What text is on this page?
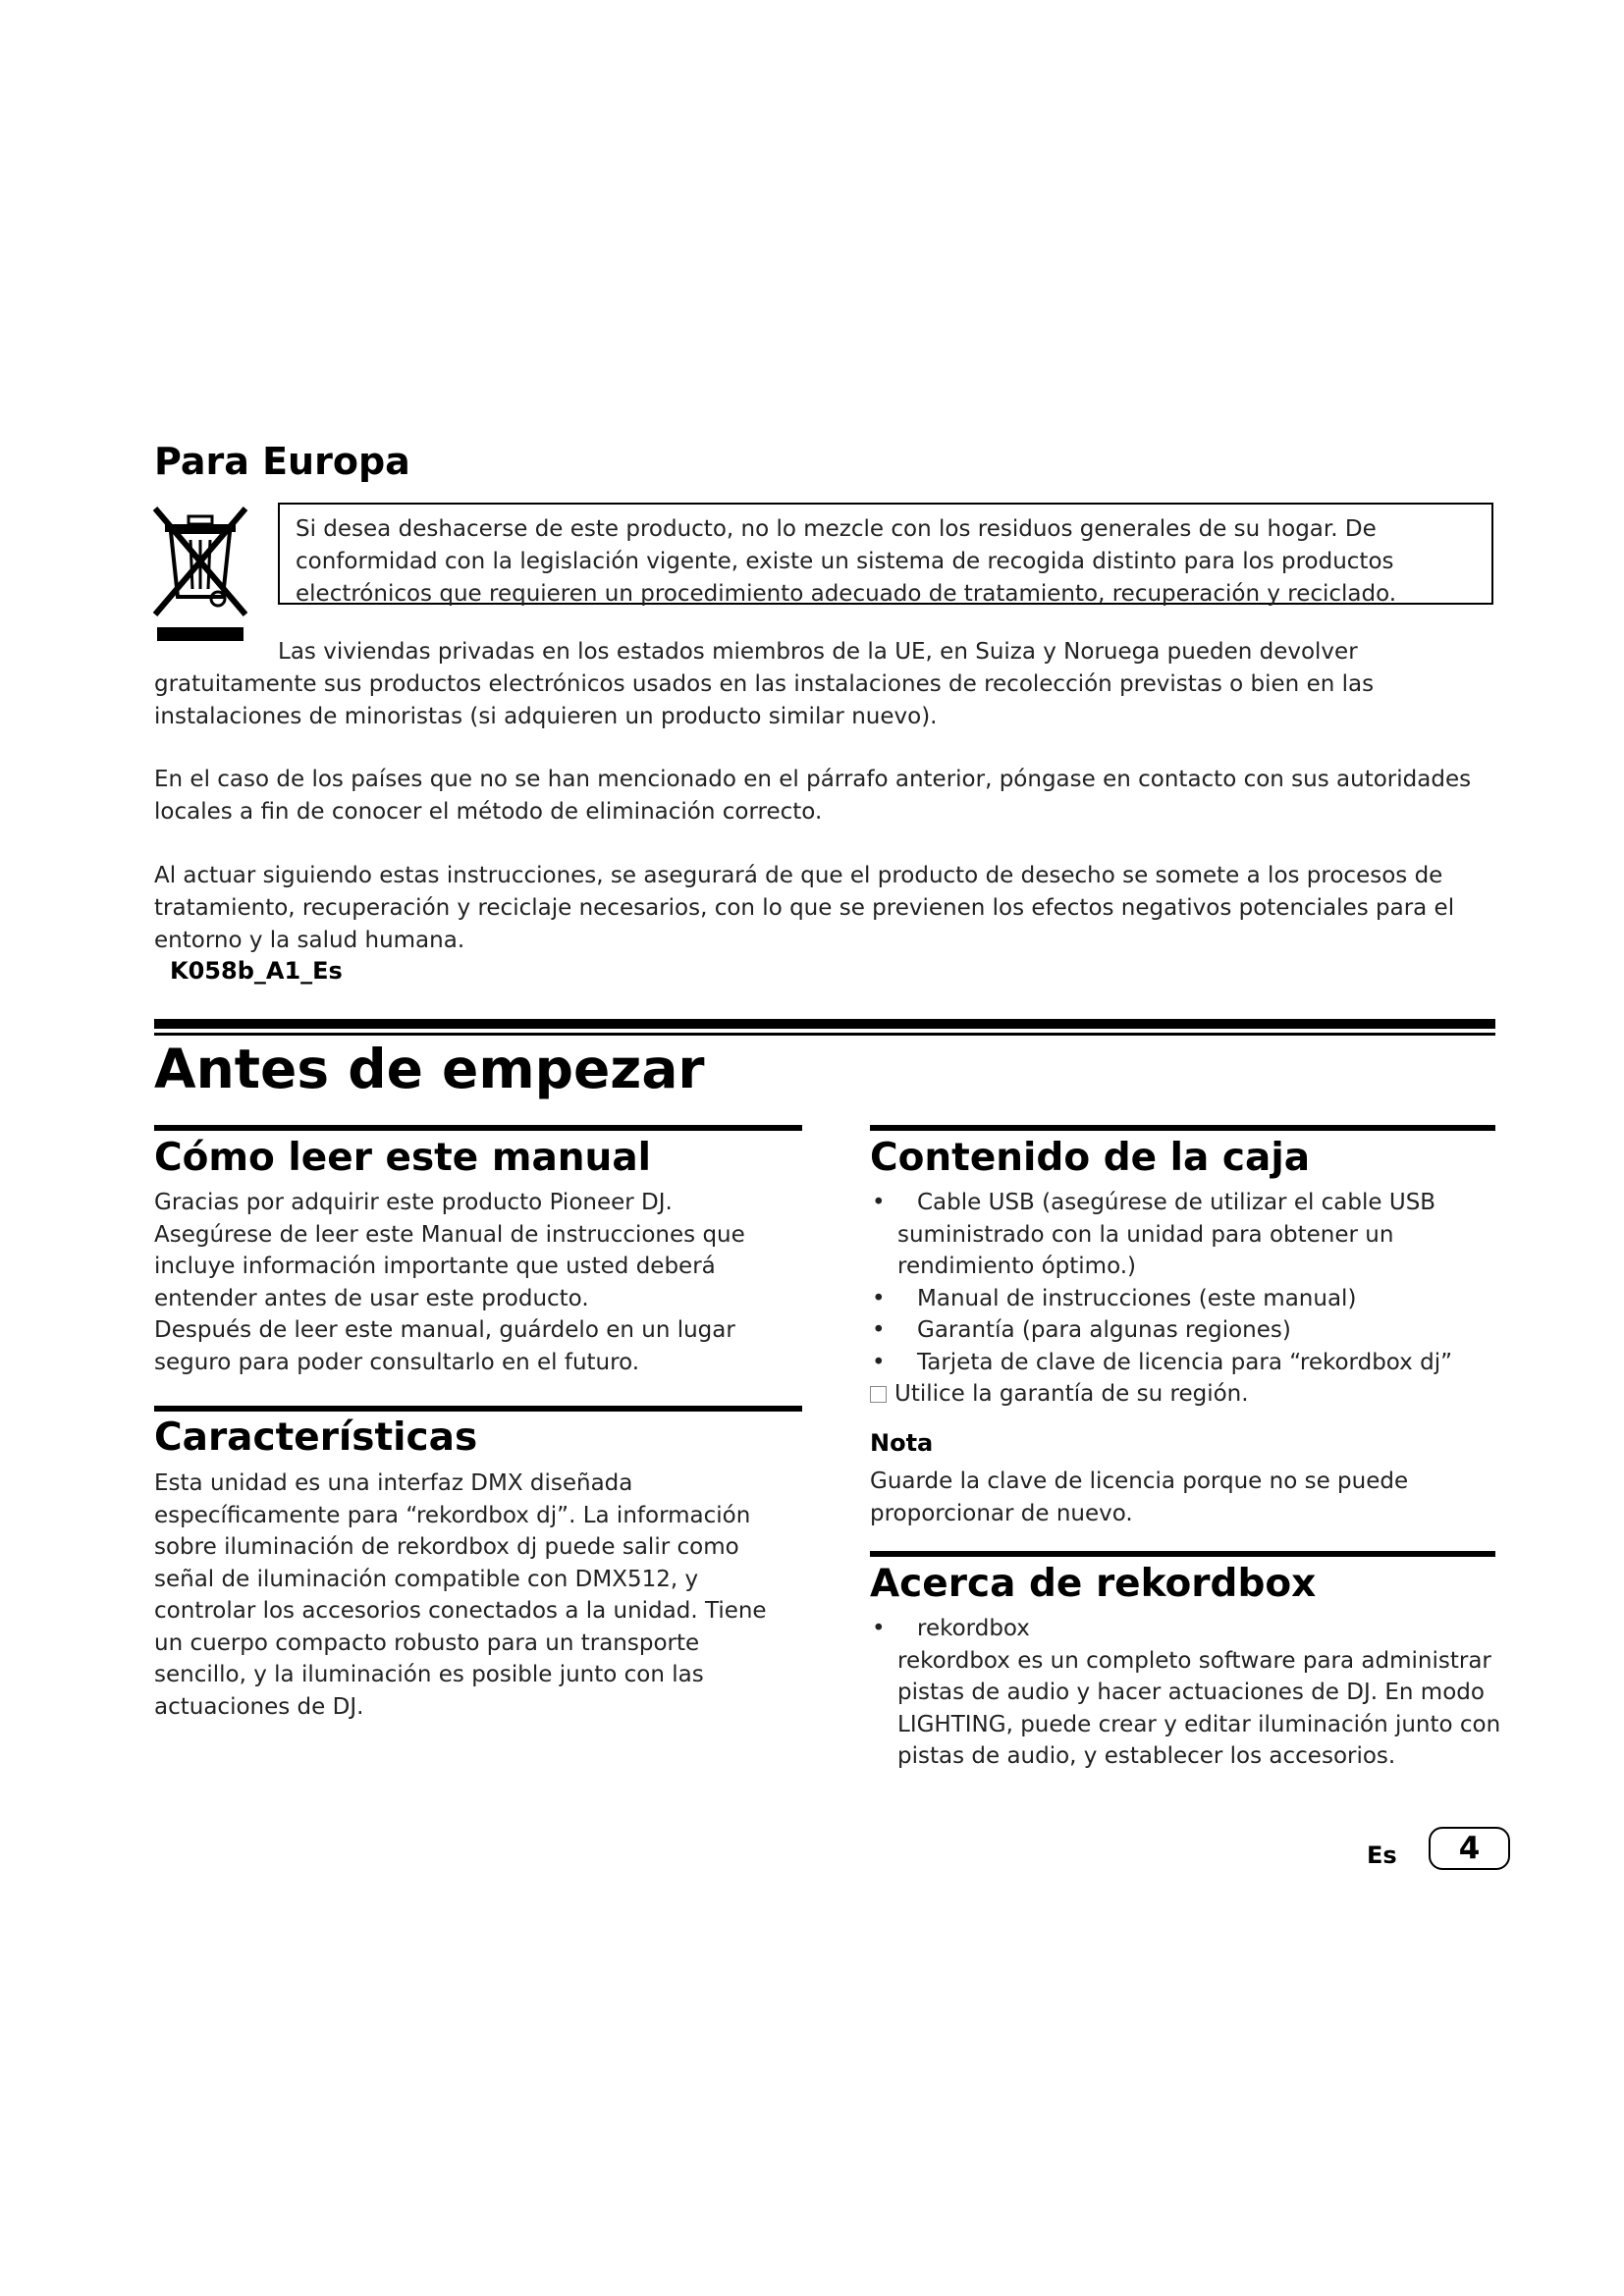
Para Europa
Si desea deshacerse de este producto, no lo mezcle con los residuos generales de su hogar. De conformidad con la legislación vigente, existe un sistema de recogida distinto para los productos electrónicos que requieren un procedimiento adecuado de tratamiento, recuperación y reciclado.
Las viviendas privadas en los estados miembros de la UE, en Suiza y Noruega pueden devolver gratuitamente sus productos electrónicos usados en las instalaciones de recolección previstas o bien en las instalaciones de minoristas (si adquieren un producto similar nuevo).
En el caso de los países que no se han mencionado en el párrafo anterior, póngase en contacto con sus autoridades locales a fin de conocer el método de eliminación correcto.
Al actuar siguiendo estas instrucciones, se asegurará de que el producto de desecho se somete a los procesos de tratamiento, recuperación y reciclaje necesarios, con lo que se previenen los efectos negativos potenciales para el entorno y la salud humana.
K058b_A1_Es
Antes de empezar
Cómo leer este manual

Gracias por adquirir este producto Pioneer DJ.

Asegúrese de leer este Manual de instrucciones que incluye información importante que usted deberá entender antes de usar este producto.

Después de leer este manual, guárdelo en un lugar seguro para poder consultarlo en el futuro.

Características
Esta unidad es una interfaz DMX diseñada específicamente para “rekordbox dj”. La información sobre iluminación de rekordbox dj puede salir como señal de iluminación compatible con DMX512, y controlar los accesorios conectados a la unidad. Tiene un cuerpo compacto robusto para un transporte sencillo, y la iluminación es posible junto con las actuaciones de DJ.
Contenido de la caja
• Cable USB (asegúrese de utilizar el cable USB suministrado con la unidad para obtener un rendimiento óptimo.)
• Manual de instrucciones (este manual)
• Garantía (para algunas regiones)
• Tarjeta de clave de licencia para “rekordbox dj”

Utilice la garantía de su región.

Nota
Guarde la clave de licencia porque no se puede proporcionar de nuevo.
Acerca de rekordbox
• rekordbox

rekordbox es un completo software para administrar pistas de audio y hacer actuaciones de DJ. En modo LIGHTING, puede crear y editar iluminación junto con pistas de audio, y establecer los accesorios.

Es	4
